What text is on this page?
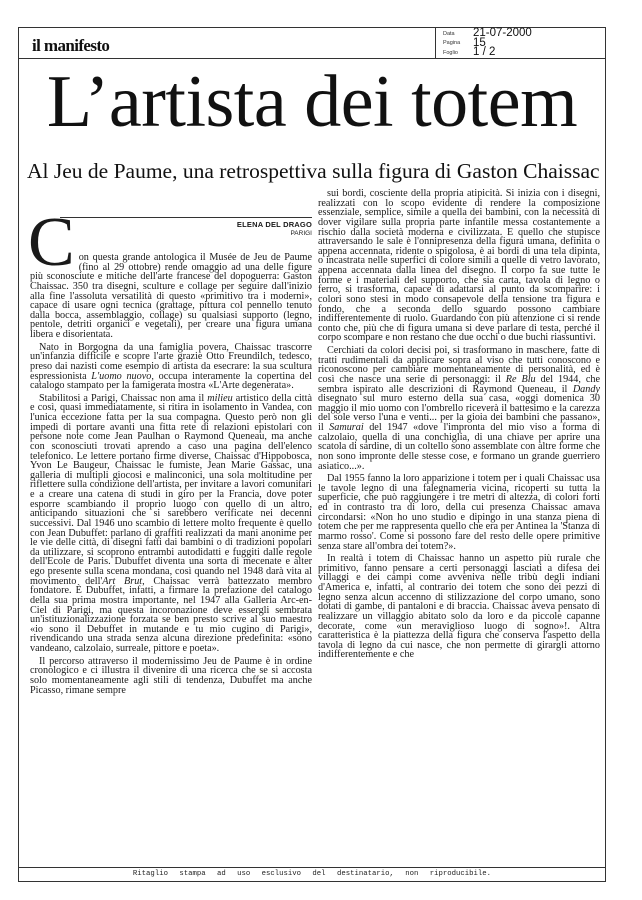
il manifesto
Data	21-07-2000
Pagina	15
Foglio	1 / 2
L’artista dei totem
Al Jeu de Paume, una retrospettiva sulla figura di Gaston Chaissac
ELENA DEL DRAGO
PARIGI

Con questa grande antologica il Musée de Jeu de Paume (fino al 29 ottobre) rende omaggio ad una delle figure più sconosciute e mitiche dell'arte francese del dopoguerra: Gaston Chaissac. 350 tra disegni, sculture e collage per seguire dall'inizio alla fine l'assoluta versatilità di questo «primitivo tra i moderni», capace di usare ogni tecnica (grattage, pittura col pennello tenuto dalla bocca, assemblaggio, collage) su qualsiasi supporto (legno, pentole, detriti organici e vegetali), per creare una figura umana libera e disorientata.

Nato in Borgogna da una famiglia povera, Chaissac trascorre un'infanzia difficile e scopre l'arte grazie Otto Freundilch, tedesco, preso dai nazisti come esempio di artista da esecrare: la sua scultura espressionista L'uomo nuovo, occupa interamente la copertina del catalogo stampato per la famigerata mostra «L'Arte degenerata».

Stabilitosi a Parigi, Chaissac non ama il milieu artistico della città e così, quasi immediatamente, si ritira in isolamento in Vandea, con l'unica eccezione fatta per la sua compagna. Questo però non gli impedì di portare avanti una fitta rete di relazioni epistolari con persone note come Jean Paulhan o Raymond Queneau, ma anche con sconosciuti trovati aprendo a caso una pagina dell'elenco telefonico. Le lettere portano firme diverse, Chaissac d'Hippobosca, Yvon Le Baugeur, Chaissac le fumiste, Jean Marie Gassac, una galleria di multipli giocosi e malinconici, una sola moltitudine per riflettere sulla condizione dell'artista, per invitare a lavori comunitari e a creare una catena di studi in giro per la Francia, dove poter esporre scambiando il proprio luogo con quello di un altro, anticipando situazioni che si sarebbero verificate nei decenni successivi. Dal 1946 uno scambio di lettere molto frequente è quello con Jean Dubuffet: parlano di graffiti realizzati da mani anonime per le vie delle città, di disegni fatti dai bambini o di tradizioni popolari da utilizzare, si scoprono entrambi autodidatti e fuggiti dalle regole dell'Ecole de Paris. Dubuffet diventa una sorta di mecenate e alter ego presente sulla scena mondana, così quando nel 1948 darà vita al movimento dell'Art Brut, Chaissac verrà battezzato membro fondatore. È Dubuffet, infatti, a firmare la prefazione del catalogo della sua prima mostra importante, nel 1947 alla Galleria Arc-en-Ciel di Parigi, ma questa incoronazione deve essergli sembrata un'istituzionalizzazione forzata se ben presto scrive al suo maestro «io sono il Debuffet in mutande e tu mio cugino di Parigi», rivendicando una strada senza alcuna direzione predefinita: «sono vandeano, calzolaio, surreale, pittore e poeta».

Il percorso attraverso il modernissimo Jeu de Paume è in ordine cronologico e ci illustra il divenire di una ricerca che se si accosta solo momentaneamente agli stili di tendenza, Dubuffet ma anche Picasso, rimane sempre

sui bordi, cosciente della propria atipicità. Si inizia con i disegni, realizzati con lo scopo evidente di rendere la composizione essenziale, semplice, simile a quella dei bambini, con la necessità di dover vigilare sulla propria parte infantile messa costantemente a rischio dalla società moderna e civilizzata. E quello che stupisce attraversando le sale è l'onnipresenza della figura umana, definita o appena accennata, ridente o spigolosa, è ai bordi di una tela dipinta, o incastrata nelle superfici di colore simili a quelle di vetro lavorato, appena accennata dalla linea del disegno. Il corpo fa sue tutte le forme e i materiali del supporto, che sia carta, tavola di legno o ferro, si trasforma, capace di adattarsi al punto da scomparire: i colori sono stesi in modo consapevole della tensione tra figura e fondo, che a seconda dello sguardo possono cambiare indifferentemente di ruolo. Guardando con più attenzione ci si rende conto che, più che di figura umana si deve parlare di testa, perché il corpo scompare e non restano che due occhi o due buchi riassuntivi.

Cerchiati da colori decisi poi, si trasformano in maschere, fatte di tratti rudimentali da applicare sopra al viso che tutti conoscono e riconoscono per cambiare momentaneamente di personalità, ed è così che nasce una serie di personaggi: il Re Blu del 1944, che sembra ispirato alle descrizioni di Raymond Queneau, il Dandy disegnato sul muro esterno della sua casa, «oggi domenica 30 maggio il mio uomo con l'ombrello riceverà il battesimo e la carezza del sole verso l'una e venti... per la gioia dei bambini che passano», il Samurai del 1947 «dove l'impronta del mio viso a forma di calzolaio, quella di una conchiglia, di una chiave per aprire una scatola di sardine, di un coltello sono assemblate con altre forme che non sono impronte delle stesse cose, e formano un grande guerriero asiatico...».

Dal 1955 fanno la loro apparizione i totem per i quali Chaissac usa le tavole legno di una falegnameria vicina, ricoperti su tutta la superficie, che può raggiungere i tre metri di altezza, di colori forti ed in contrasto tra di loro, della cui presenza Chaissac amava circondarsi: «Non ho uno studio e dipingo in una stanza piena di totem che per me rappresenta quello che era per Antinea la 'Stanza di marmo rosso'. Come si possono fare del resto delle opere primitive senza stare all'ombra dei totem?».

In realtà i totem di Chaissac hanno un aspetto più rurale che primitivo, fanno pensare a certi personaggi lasciati a difesa dei villaggi e dei campi come avveniva nelle tribù degli indiani d'America e, infatti, al contrario dei totem che sono dei pezzi di legno senza alcun accenno di stilizzazione del corpo umano, sono dotati di gambe, di pantaloni e di braccia. Chaissac aveva pensato di realizzare un villaggio abitato solo da loro e da piccole capanne decorate, come «un meraviglioso luogo di sogno»!. Altra caratteristica è la piattezza della figura che conserva l'aspetto della tavola di legno da cui nasce, che non permette di girargli attorno indifferentemente e che

Ritaglio stampa ad uso esclusivo del destinatario, non riproducibile.
